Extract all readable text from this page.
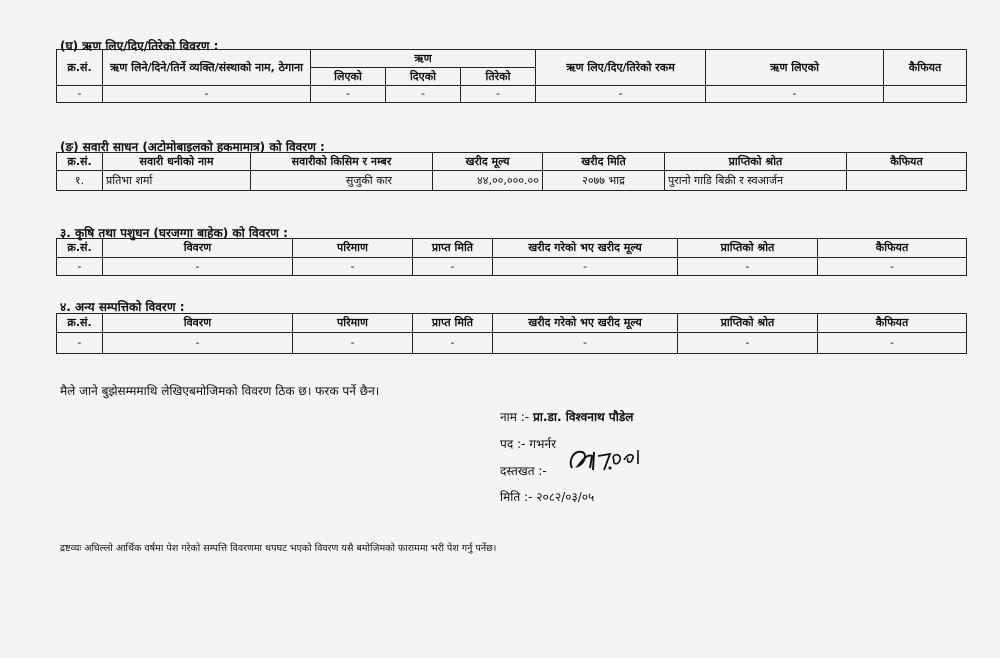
(घ) ऋण लिए/दिए/तिरेको विवरण :
क्र.सं.	ऋण लिने/दिने/तिर्ने व्यक्ति/संस्थाको नाम, ठेगाना	ऋण			ऋण लिए/दिए/तिरेको रकम	ऋण लिएको	कैफियत
		लिएको	दिएको	तिरेको			
-	-	-	-	-	-	-	
(ङ) सवारी साधन (अटोमोबाइलको हकमामात्र) को विवरण :
क्र.सं.	सवारी धनीको नाम	सवारीको किसिम र नम्बर	खरीद मूल्य	खरीद मिति	प्राप्तिको श्रोत	कैफियत
१.	प्रतिभा शर्मा	सुजुकी कार	४४,००,०००.००	२०७७ भाद्र	पुरानो गाडि बिक्री र स्वआर्जन	
३. कृषि तथा पशुधन (घरजग्गा बाहेक) को विवरण :
क्र.सं.	विवरण	परिमाण	प्राप्त मिति	खरीद गरेको भए खरीद मूल्य	प्राप्तिको श्रोत	कैफियत
-	-	-	-	-	-	-
४. अन्य सम्पत्तिको विवरण :
क्र.सं.	विवरण	परिमाण	प्राप्त मिति	खरीद गरेको भए खरीद मूल्य	प्राप्तिको श्रोत	कैफियत
-	-	-	-	-	-	-
मैले जाने बुझेसम्ममाथि लेखिएबमोजिमको विवरण ठिक छ। फरक पर्ने छैन।
नाम :- प्रा.डा. विश्वनाथ पौडेल
पद :- गभर्नर
दस्तखत :-
मिति :- २०८२/०३/०५
द्रष्टव्यः अघिल्लो आर्थिक वर्षमा पेश गरेको सम्पत्ति विवरणमा थपघट भएको विवरण यसै बमोजिमको फाराममा भरी पेश गर्नु पर्नेछ।
